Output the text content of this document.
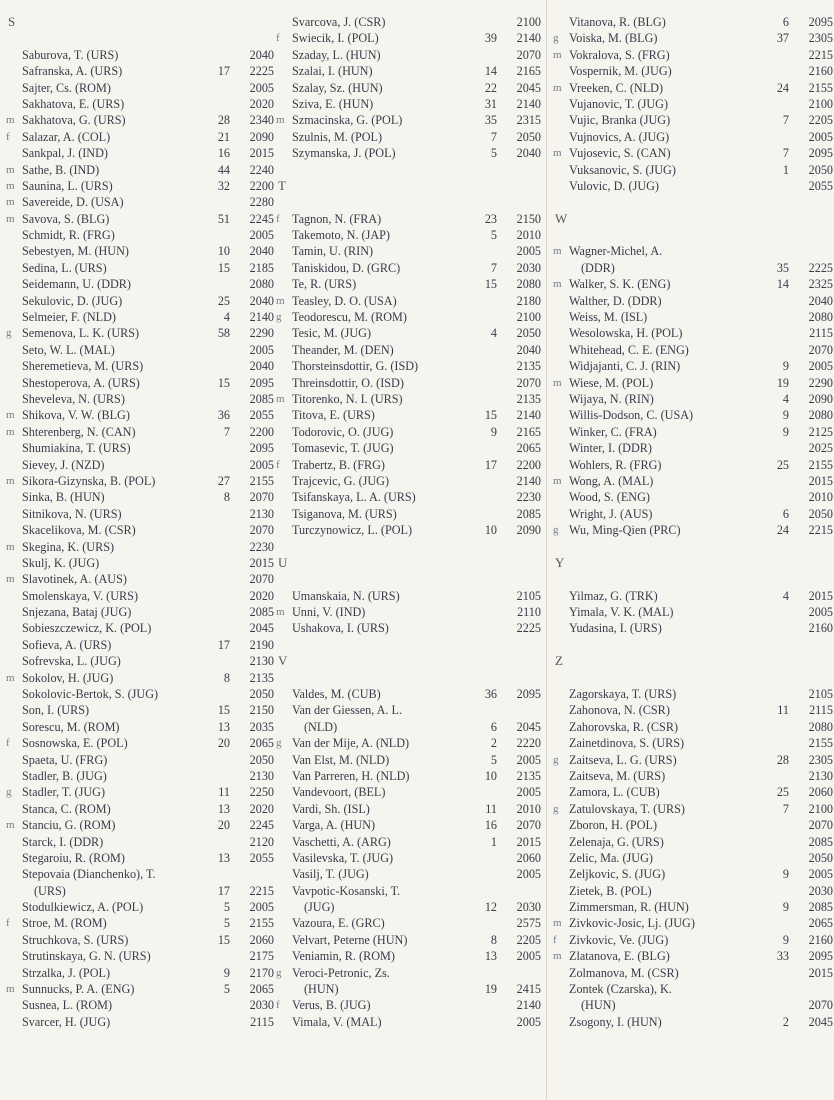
S
Saburova, T. (URS)	2040
Safranska, A. (URS)	17	2225
Sajter, Cs. (ROM)	2005
Sakhatova, E. (URS)	2020
m Sakhatova, G. (URS)	28	2340
f	Salazar, A. (COL)	21	2090
Sankpal, J. (IND)	16	2015
m Sathe, B. (IND)	44	2240
m Saunina, L. (URS)	32	2200
m Savereide, D. (USA)	2280
m Savova, S. (BLG)	51	2245
Schmidt, R. (FRG)	2005
Sebestyen, M. (HUN)	10	2040
Sedina, L. (URS)	15	2185
Seidemann, U. (DDR)	2080
Sekulovic, D. (JUG)	25	2040
Selmeier, F. (NLD)	4	2140
g Semenova, L. K. (URS)	58	2290
Seto, W. L. (MAL)	2005
Sheremetieva, M. (URS)	2040
Shestoperova, A. (URS)	15	2095
Sheveleva, N. (URS)	2085
m Shikova, V. W. (BLG)	36	2055
m Shterenberg, N. (CAN)	7	2200
Shumiakina, T. (URS)	2095
Sievey, J. (NZD)	2005
m Sikora-Gizynska, B. (POL)	27	2155
Sinka, B. (HUN)	8	2070
Sitnikova, N. (URS)	2130
Skacelikova, M. (CSR)	2070
m Skegina, K. (URS)	2230
Skulj, K. (JUG)	2015
m Slavotinek, A. (AUS)	2070
Smolenskaya, V. (URS)	2020
Snjezana, Bataj (JUG)	2085
Sobieszczewicz, K. (POL)	2045
Sofieva, A. (URS)	17	2190
Sofrevska, L. (JUG)	2130
m Sokolov, H. (JUG)	8	2135
Sokolovic-Bertok, S. (JUG)	2050
Son, I. (URS)	15	2150
Sorescu, M. (ROM)	13	2035
f	Sosnowska, E. (POL)	20	2065
Spaeta, U. (FRG)	2050
Stadler, B. (JUG)	2130
g Stadler, T. (JUG)	11	2250
Stanca, C. (ROM)	13	2020
m Stanciu, G. (ROM)	20	2245
Starck, I. (DDR)	2120
Stegaroiu, R. (ROM)	13	2055
Stepovaia (Dianchenko), T.
(URS)	17	2215
Stodulkiewicz, A. (POL)	5	2005
f	Stroe, M. (ROM)	5	2155
Struchkova, S. (URS)	15	2060
Strutinskaya, G. N. (URS)	2175
Strzalka, J. (POL)	9	2170
m Sunnucks, P. A. (ENG)	5	2065
Susnea, L. (ROM)	2030
Svarcer, H. (JUG)	2115
Svarcova, J. (CSR)	2100
f	Swiecik, I. (POL)	39	2140
Szaday, L. (HUN)	2070
Szalai, I. (HUN)	14	2165
Szalay, Sz. (HUN)	22	2045
Sziva, E. (HUN)	31	2140
m Szmacinska, G. (POL)	35	2315
Szulnis, M. (POL)	7	2050
Szymanska, J. (POL)	5	2040
T
f	Tagnon, N. (FRA)	23	2150
Takemoto, N. (JAP)	5	2010
Tamin, U. (RIN)	2005
Taniskidou, D. (GRC)	7	2030
Te, R. (URS)	15	2080
m Teasley, D. O. (USA)	2180
g Teodorescu, M. (ROM)	2100
Tesic, M. (JUG)	4	2050
Theander, M. (DEN)	2040
Thorsteinsdottir, G. (ISD)	2135
Threinsdottir, O. (ISD)	2070
m Titorenko, N. I. (URS)	2135
Titova, E. (URS)	15	2140
Todorovic, O. (JUG)	9	2165
Tomasevic, T. (JUG)	2065
f	Trabertz, B. (FRG)	17	2200
Trajcevic, G. (JUG)	2140
Tsifanskaya, L. A. (URS)	2230
Tsiganova, M. (URS)	2085
Turczynowicz, L. (POL)	10	2090
U
Umanskaia, N. (URS)	2105
m Unni, V. (IND)	2110
Ushakova, I. (URS)	2225
V
Valdes, M. (CUB)	36	2095
Van der Giessen, A. L.
(NLD)	6	2045
g Van der Mije, A. (NLD)	2	2220
Van Elst, M. (NLD)	5	2005
Van Parreren, H. (NLD)	10	2135
Vandevoort, (BEL)	2005
Vardi, Sh. (ISL)	11	2010
Varga, A. (HUN)	16	2070
Vaschetti, A. (ARG)	1	2015
Vasilevska, T. (JUG)	2060
Vasilj, T. (JUG)	2005
Vavpotic-Kosanski, T.
(JUG)	12	2030
Vazoura, E. (GRC)	2575
Velvart, Peterne (HUN)	8	2205
Veniamin, R. (ROM)	13	2005
g Veroci-Petronic, Zs.
(HUN)	19	2415
f	Verus, B. (JUG)	2140
Vimala, V. (MAL)	2005
Vitanova, R. (BLG)	6	2095
g Voiska, M. (BLG)	37	2305
m Vokralova, S. (FRG)	2215
Vospernik, M. (JUG)	2160
m Vreeken, C. (NLD)	24	2155
Vujanovic, T. (JUG)	2100
Vujic, Branka (JUG)	7	2205
Vujnovics, A. (JUG)	2005
m Vujosevic, S. (CAN)	7	2095
Vuksanovic, S. (JUG)	1	2050
Vulovic, D. (JUG)	2055
W
m Wagner-Michel, A.
(DDR)	35	2225
m Walker, S. K. (ENG)	14	2325
Walther, D. (DDR)	2040
Weiss, M. (ISL)	2080
Wesolowska, H. (POL)	2115
Whitehead, C. E. (ENG)	2070
Widjajanti, C. J. (RIN)	9	2005
m Wiese, M. (POL)	19	2290
Wijaya, N. (RIN)	4	2090
Willis-Dodson, C. (USA)	9	2080
Winker, C. (FRA)	9	2125
Winter, I. (DDR)	2025
Wohlers, R. (FRG)	25	2155
m Wong, A. (MAL)	2015
Wood, S. (ENG)	2010
Wright, J. (AUS)	6	2050
g Wu, Ming-Qien (PRC)	24	2215
Y
Yilmaz, G. (TRK)	4	2015
Yimala, V. K. (MAL)	2005
Yudasina, I. (URS)	2160
Z
Zagorskaya, T. (URS)	2105
Zahonova, N. (CSR)	11	2115
Zahorovska, R. (CSR)	2080
Zainetdinova, S. (URS)	2155
g Zaitseva, L. G. (URS)	28	2305
Zaitseva, M. (URS)	2130
Zamora, L. (CUB)	25	2060
g Zatulovskaya, T. (URS)	7	2100
Zboron, H. (POL)	2070
Zelenaja, G. (URS)	2085
Zelic, Ma. (JUG)	2050
Zeljkovic, S. (JUG)	9	2005
Zietek, B. (POL)	2030
Zimmersman, R. (HUN)	9	2085
m Zivkovic-Josic, Lj. (JUG)	2065
f	Zivkovic, Ve. (JUG)	9	2160
m Zlatanova, E. (BLG)	33	2095
Zolmanova, M. (CSR)	2015
Zontek (Czarska), K.
(HUN)	2070
Zsogony, I. (HUN)	2	2045
